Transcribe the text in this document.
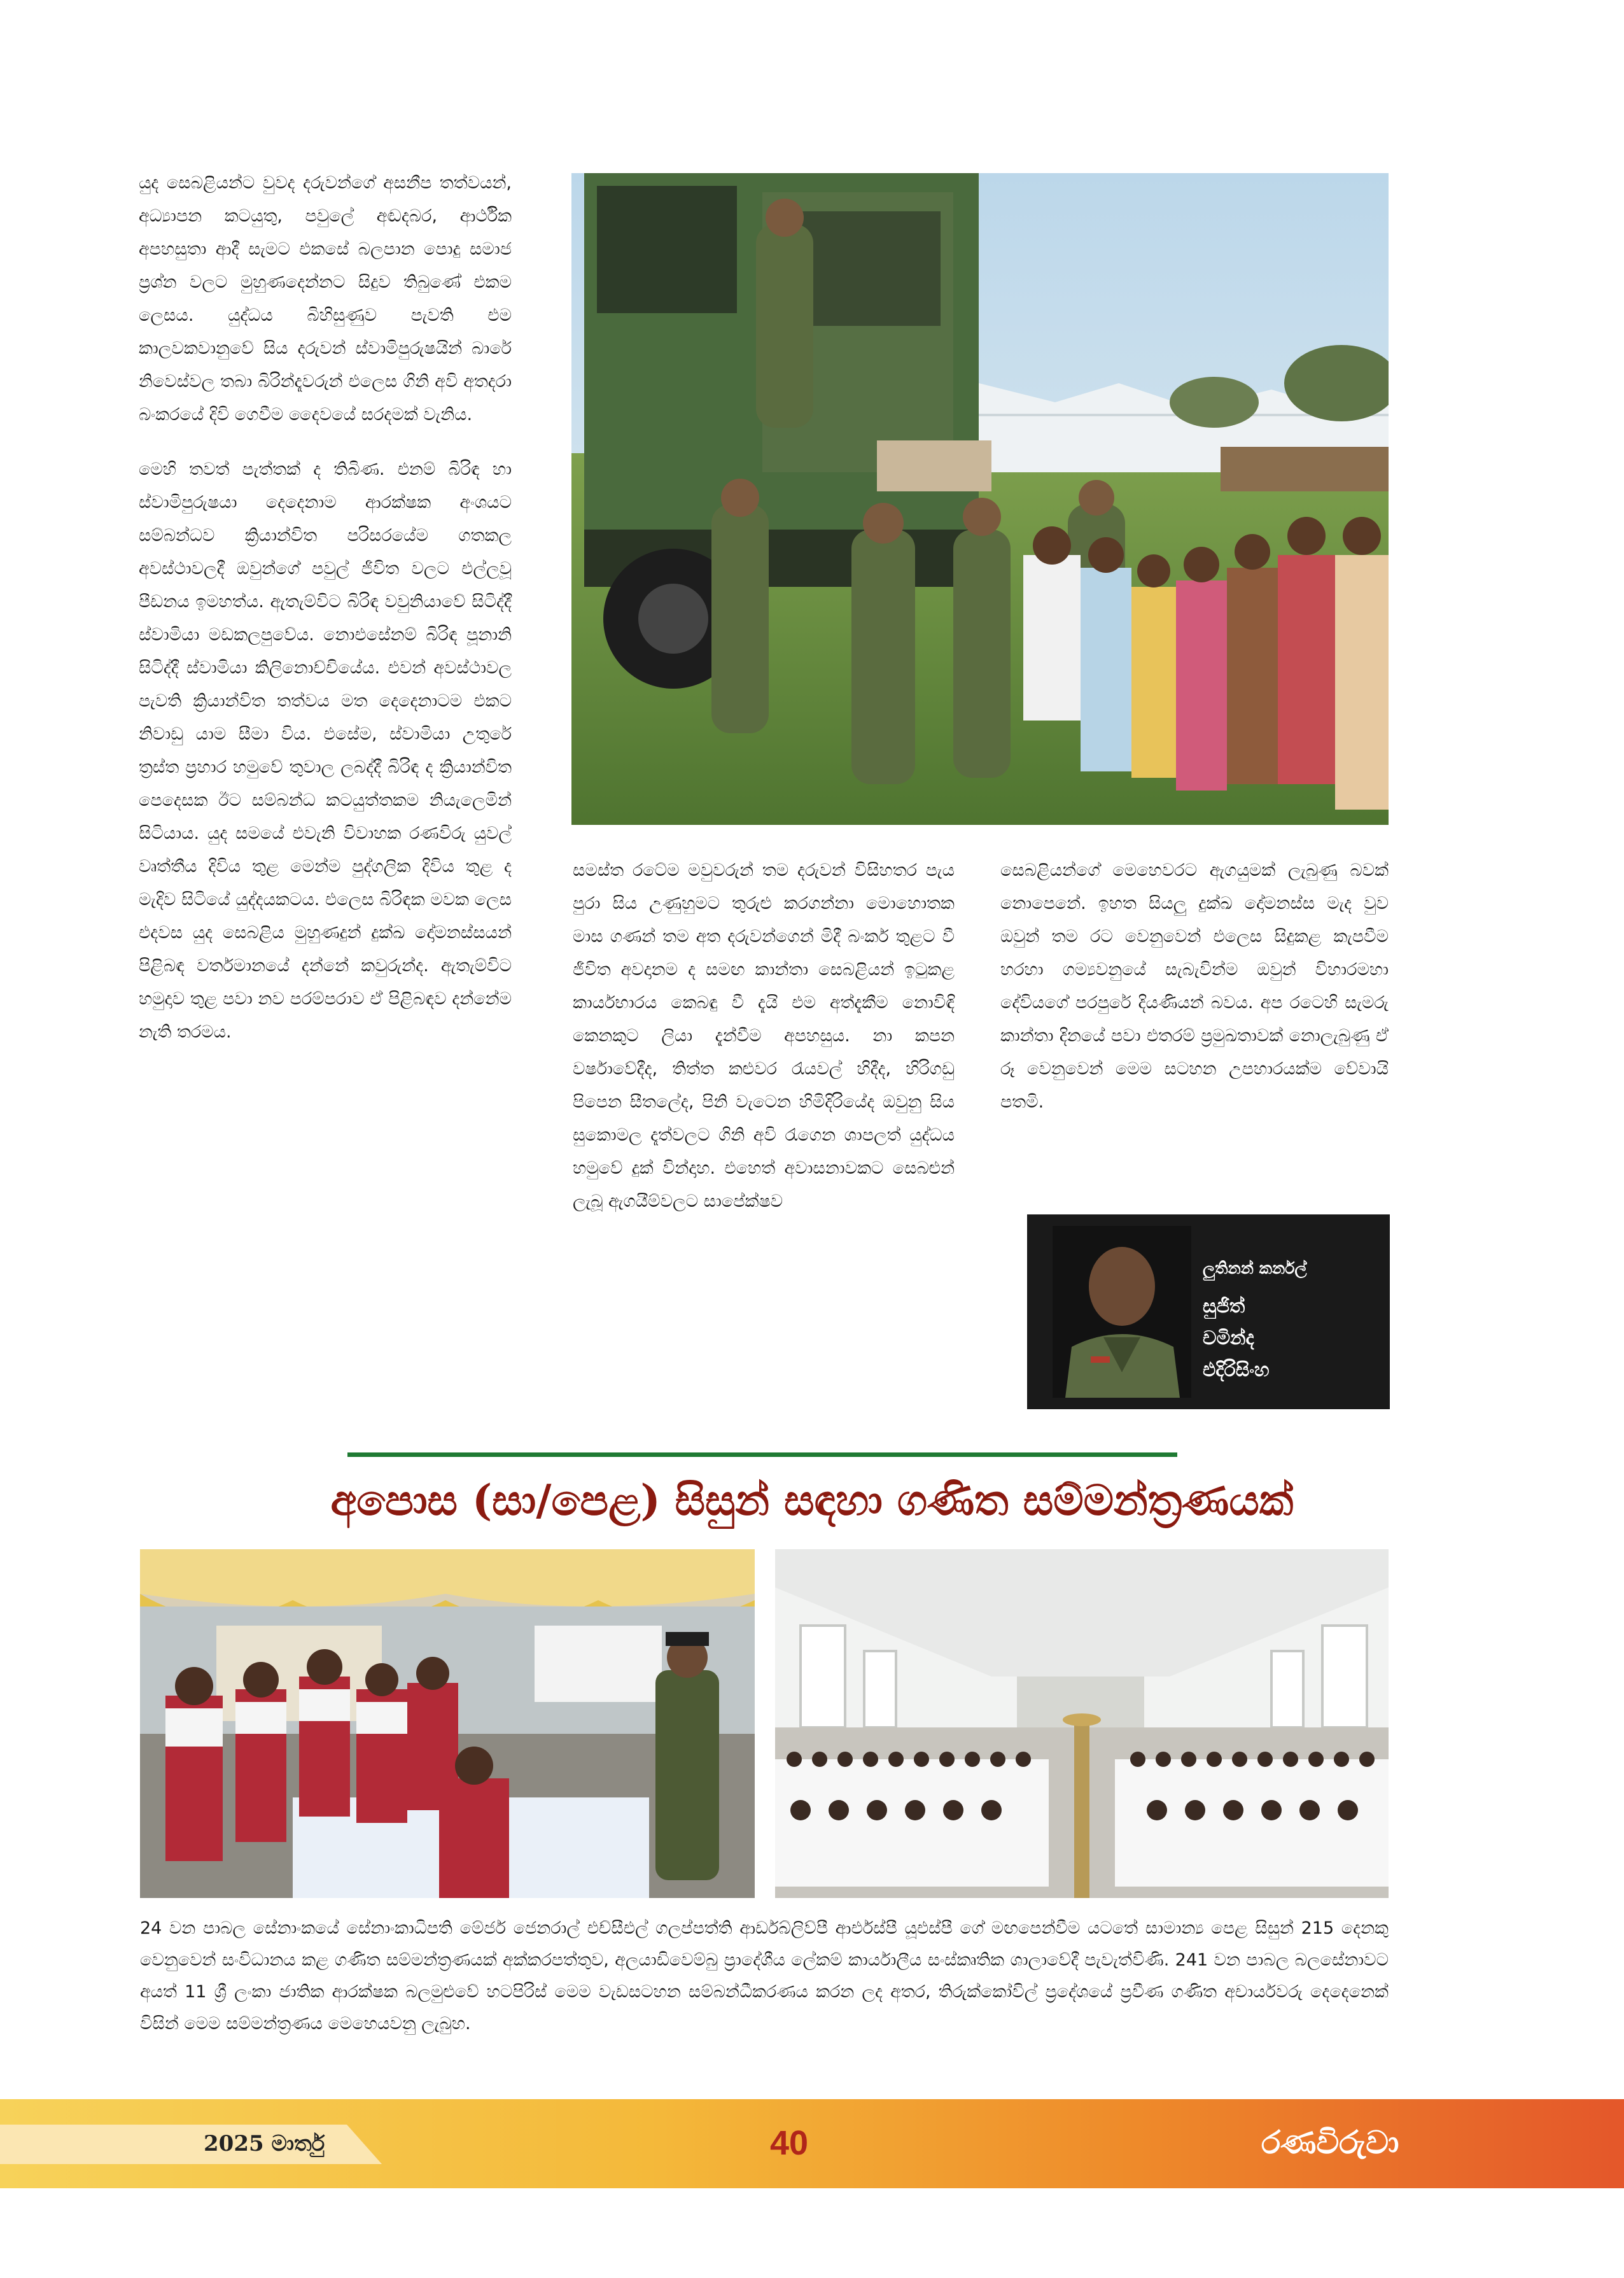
යුද සෙබළියන්ට වුවද දරුවන්ගේ අසනීප තත්වයන්, අධ්‍යාපන කටයුතු, පවුලේ අඬදබර, ආර්ථික අපහසුතා ආදී සැමට එකසේ බලපාන පොදු සමාජ ප්‍රශ්න වලට මුහුණදෙන්නට සිදුව තිබුණේ එකම ලෙසය. යුද්ධය බිහිසුණුව පැවති එම කාලවකවානුවේ සිය දරුවන් ස්වාමිපුරුෂයින් බාරේ නිවෙස්වල තබා බිරින්දෑවරුන් එලෙස ගිනි අවි අතදරා බංකරයේ දිවි ගෙවීම දෛවයේ සරදමක් වැනිය.

මෙහි තවත් පැත්තක් ද තිබිණ. එනම් බිරිඳ හා ස්වාමිපුරුෂයා දෙදෙනාම ආරක්ෂක අංශයට සම්බන්ධව ක්‍රියාන්විත පරිසරයේම ගතකල අවස්ථාවලදී ඔවුන්ගේ පවුල් ජීවිත වලට එල්ලවූ පීඩනය ඉමහත්ය. ඇතැම්විට බිරිඳ වවුනියාවේ සිටිද්දී ස්වාමියා මඩකලපුවේය. නොඑසේනම් බිරිඳ පූනානි සිටිද්දී ස්වාමියා කිලිනොච්චියේය. එවන් අවස්ථාවල පැවති ක්‍රියාන්විත තත්වය මත දෙදෙනාටම එකට නිවාඩු යාම සීමා විය. එසේම, ස්වාමියා උතුරේ ත්‍රස්ත ප්‍රහාර හමුවේ තුවාල ලබද්දී බිරිඳ ද ක්‍රියාන්විත පෙදෙසක ඊට සම්බන්ධ කටයුත්තකම නියැලෙමින් සිටියාය. යුද සමයේ එවැනි විවාහක රණවිරු යුවල් වෘත්තීය දිවිය තුළ මෙන්ම පුද්ගලික දිවිය තුළ ද මැදිව සිටියේ යුද්දයකටය. එලෙස බිරිඳක මවක ලෙස එදවස යුද සෙබළිය මුහුණදුන් දුක්ඛ දෝමනස්සයන් පිළිබඳ වර්තමානයේ දන්නේ කවුරුන්ද. ඇතැම්විට හමුදාව තුළ පවා නව පරම්පරාව ඒ පිළිබඳව දන්නේම නැති තරමය.

සමස්ත රටේම මවුවරුන් තම දරුවන් විසිහතර පැය පුරා සිය උණුහුමට තුරුළු කරගන්නා මොහොතක මාස ගණන් තම අත දරුවන්ගෙන් මිදී බංකර් තුළට වී ජීවිත අවදානම ද සමඟ කාන්තා සෙබළියන් ඉටුකළ කාර්යභාරය කෙබඳු වී දැයි එම අත්දැකීම නොවිඳි කෙනකුට ලියා දැන්වීම අපහසුය. නා කපන වර්ෂාවේදීද, තිත්ත කළුවර රැයවල් හිදීද, හිරිගඩු පිපෙන සීතලේද, පිනි වැටෙන හිමිදිරියේද ඔවුනු සිය සුකොමල දෑත්වලට ගිනි අවි රැගෙන ශාපලත් යුද්ධය හමුවේ දුක් වින්දාහ. එහෙත් අවාසනාවකට සෙබළුන් ලැබූ ඇගයීම්වලට සාපේක්ෂව

සෙබළියන්ගේ මෙහෙවරට ඇගයුමක් ලැබුණු බවක් නොපෙනේ. ඉහත සියලු දුක්ඛ දෝමනස්ස මැද වුව ඔවුන් තම රට වෙනුවෙන් එලෙස සිදුකළ කැපවීම හරහා ගම්‍යවනුයේ සැබැවින්ම ඔවුන් විහාරමහා දේවියගේ පරපුරේ දියණියන් බවය. අප රටෙහි සැමරු කාන්තා දිනයේ පවා එතරම් ප්‍රමුඛතාවක් නොලැබුණු ඒ රූ වෙනුවෙන් මෙම සටහන උපහාරයක්ම වේවායි පතමි.

ලුතිනන් කර්නල්
සුජිත්
චමින්ද
එදිරිසිංහ
අපොස (සා/පෙළ) සිසුන් සඳහා ගණිත සම්මන්ත්‍රණයක්
24 වන පාබල සේනාංකයේ සේනාංකාධිපති මේජර් ජෙනරාල් එච්සීඑල් ගලප්පත්ති ආර්ඩබ්ලිව්පී ආර්එස්පී යූඑස්පී ගේ මඟපෙන්වීම යටතේ සාමාන්‍ය පෙළ සිසුන් 215 දෙනකු වෙනුවෙන් සංවිධානය කළ ගණිත සම්මන්ත්‍රණයක් අක්කරපත්තුව, අලයාඩිවෙම්බු ප්‍රාදේශීය ලේකම් කාර්යාලීය සංස්කෘතික ශාලාවේදී පැවැත්විණි. 241 වන පාබල බලසේනාවට අයත් 11 ශ්‍රී ලංකා ජාතික ආරක්ෂක බලමුළුවේ හටපිරිස් මෙම වැඩසටහන සම්බන්ධීකරණය කරන ලද අතර, තිරුක්කෝවිල් ප්‍රදේශයේ ප්‍රවීණ ගණිත අචාර්යවරු දෙදෙනෙක් විසින් මෙම සම්මන්ත්‍රණය මෙහෙයවනු ලැබුහ.
2025 මාර්තු	40	රණවිරුවා
